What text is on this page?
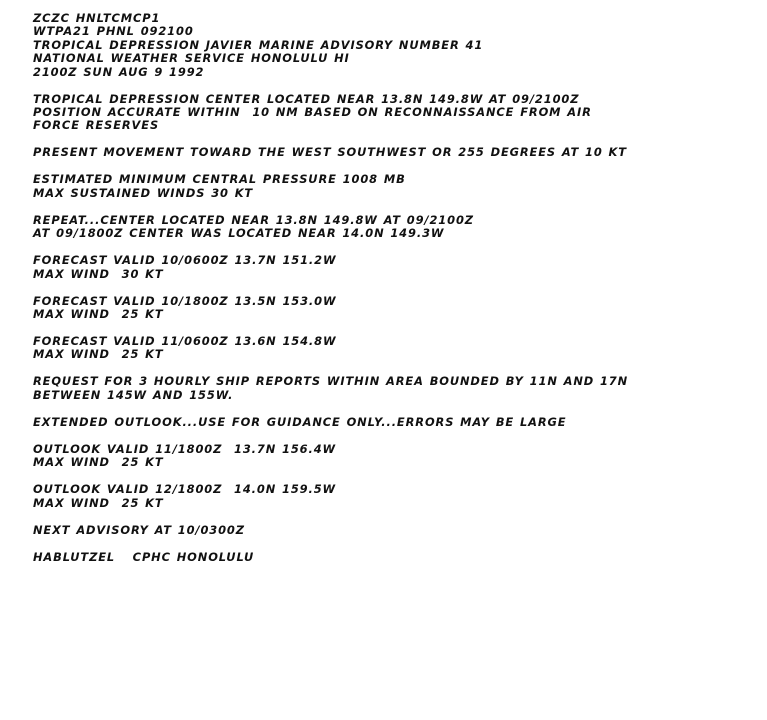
ZCZC HNLTCMCP1
WTPA21 PHNL 092100
TROPICAL DEPRESSION JAVIER MARINE ADVISORY NUMBER 41
NATIONAL WEATHER SERVICE HONOLULU HI
2100Z SUN AUG 9 1992
TROPICAL DEPRESSION CENTER LOCATED NEAR 13.8N 149.8W AT 09/2100Z
POSITION ACCURATE WITHIN  10 NM BASED ON RECONNAISSANCE FROM AIR
FORCE RESERVES
PRESENT MOVEMENT TOWARD THE WEST SOUTHWEST OR 255 DEGREES AT 10 KT
ESTIMATED MINIMUM CENTRAL PRESSURE 1008 MB
MAX SUSTAINED WINDS 30 KT
REPEAT...CENTER LOCATED NEAR 13.8N 149.8W AT 09/2100Z
AT 09/1800Z CENTER WAS LOCATED NEAR 14.0N 149.3W
FORECAST VALID 10/0600Z 13.7N 151.2W
MAX WIND  30 KT
FORECAST VALID 10/1800Z 13.5N 153.0W
MAX WIND  25 KT
FORECAST VALID 11/0600Z 13.6N 154.8W
MAX WIND  25 KT
REQUEST FOR 3 HOURLY SHIP REPORTS WITHIN AREA BOUNDED BY 11N AND 17N
BETWEEN 145W AND 155W.
EXTENDED OUTLOOK...USE FOR GUIDANCE ONLY...ERRORS MAY BE LARGE
OUTLOOK VALID 11/1800Z  13.7N 156.4W
MAX WIND  25 KT
OUTLOOK VALID 12/1800Z  14.0N 159.5W
MAX WIND  25 KT
NEXT ADVISORY AT 10/0300Z
HABLUTZEL   CPHC HONOLULU
